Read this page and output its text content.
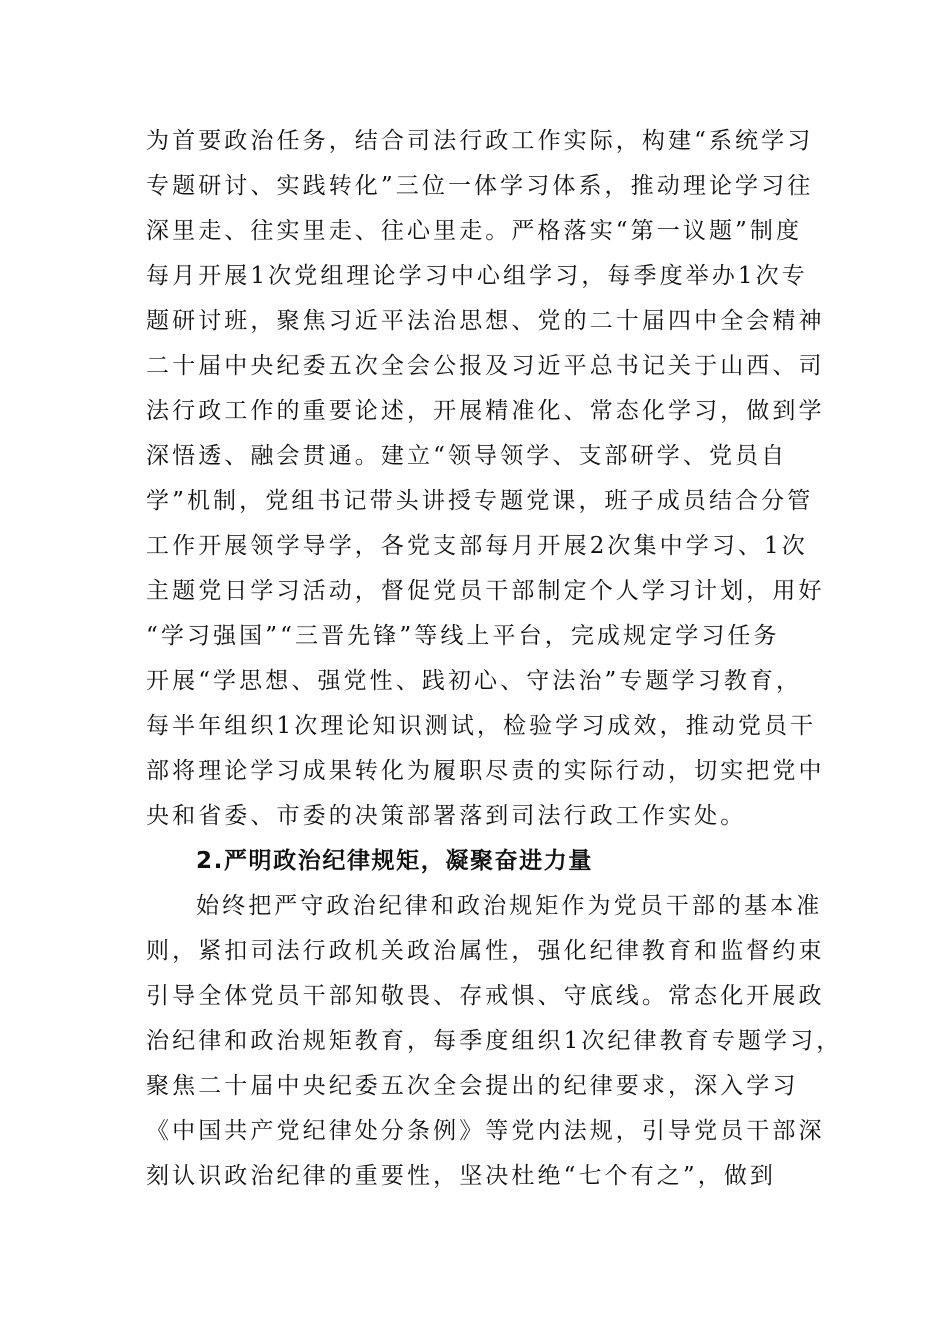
为首要政治任务，结合司法行政工作实际，构建“系统学习
专题研讨、实践转化”三位一体学习体系，推动理论学习往
深里走、往实里走、往心里走。严格落实“第一议题”制度
每月开展1次党组理论学习中心组学习，每季度举办1次专
题研讨班，聚焦习近平法治思想、党的二十届四中全会精神
二十届中央纪委五次全会公报及习近平总书记关于山西、司
法行政工作的重要论述，开展精准化、常态化学习，做到学
深悟透、融会贯通。建立“领导领学、支部研学、党员自
学”机制，党组书记带头讲授专题党课，班子成员结合分管
工作开展领学导学，各党支部每月开展2次集中学习、1次
主题党日学习活动，督促党员干部制定个人学习计划，用好
“学习强国”“三晋先锋”等线上平台，完成规定学习任务
开展“学思想、强党性、践初心、守法治”专题学习教育，
每半年组织1次理论知识测试，检验学习成效，推动党员干
部将理论学习成果转化为履职尽责的实际行动，切实把党中
央和省委、市委的决策部署落到司法行政工作实处。
2.严明政治纪律规矩，凝聚奋进力量
始终把严守政治纪律和政治规矩作为党员干部的基本准
则，紧扣司法行政机关政治属性，强化纪律教育和监督约束
引导全体党员干部知敬畏、存戒惧、守底线。常态化开展政
治纪律和政治规矩教育，每季度组织1次纪律教育专题学习，
聚焦二十届中央纪委五次全会提出的纪律要求，深入学习
《中国共产党纪律处分条例》等党内法规，引导党员干部深
刻认识政治纪律的重要性，坚决杜绝“七个有之”，做到
